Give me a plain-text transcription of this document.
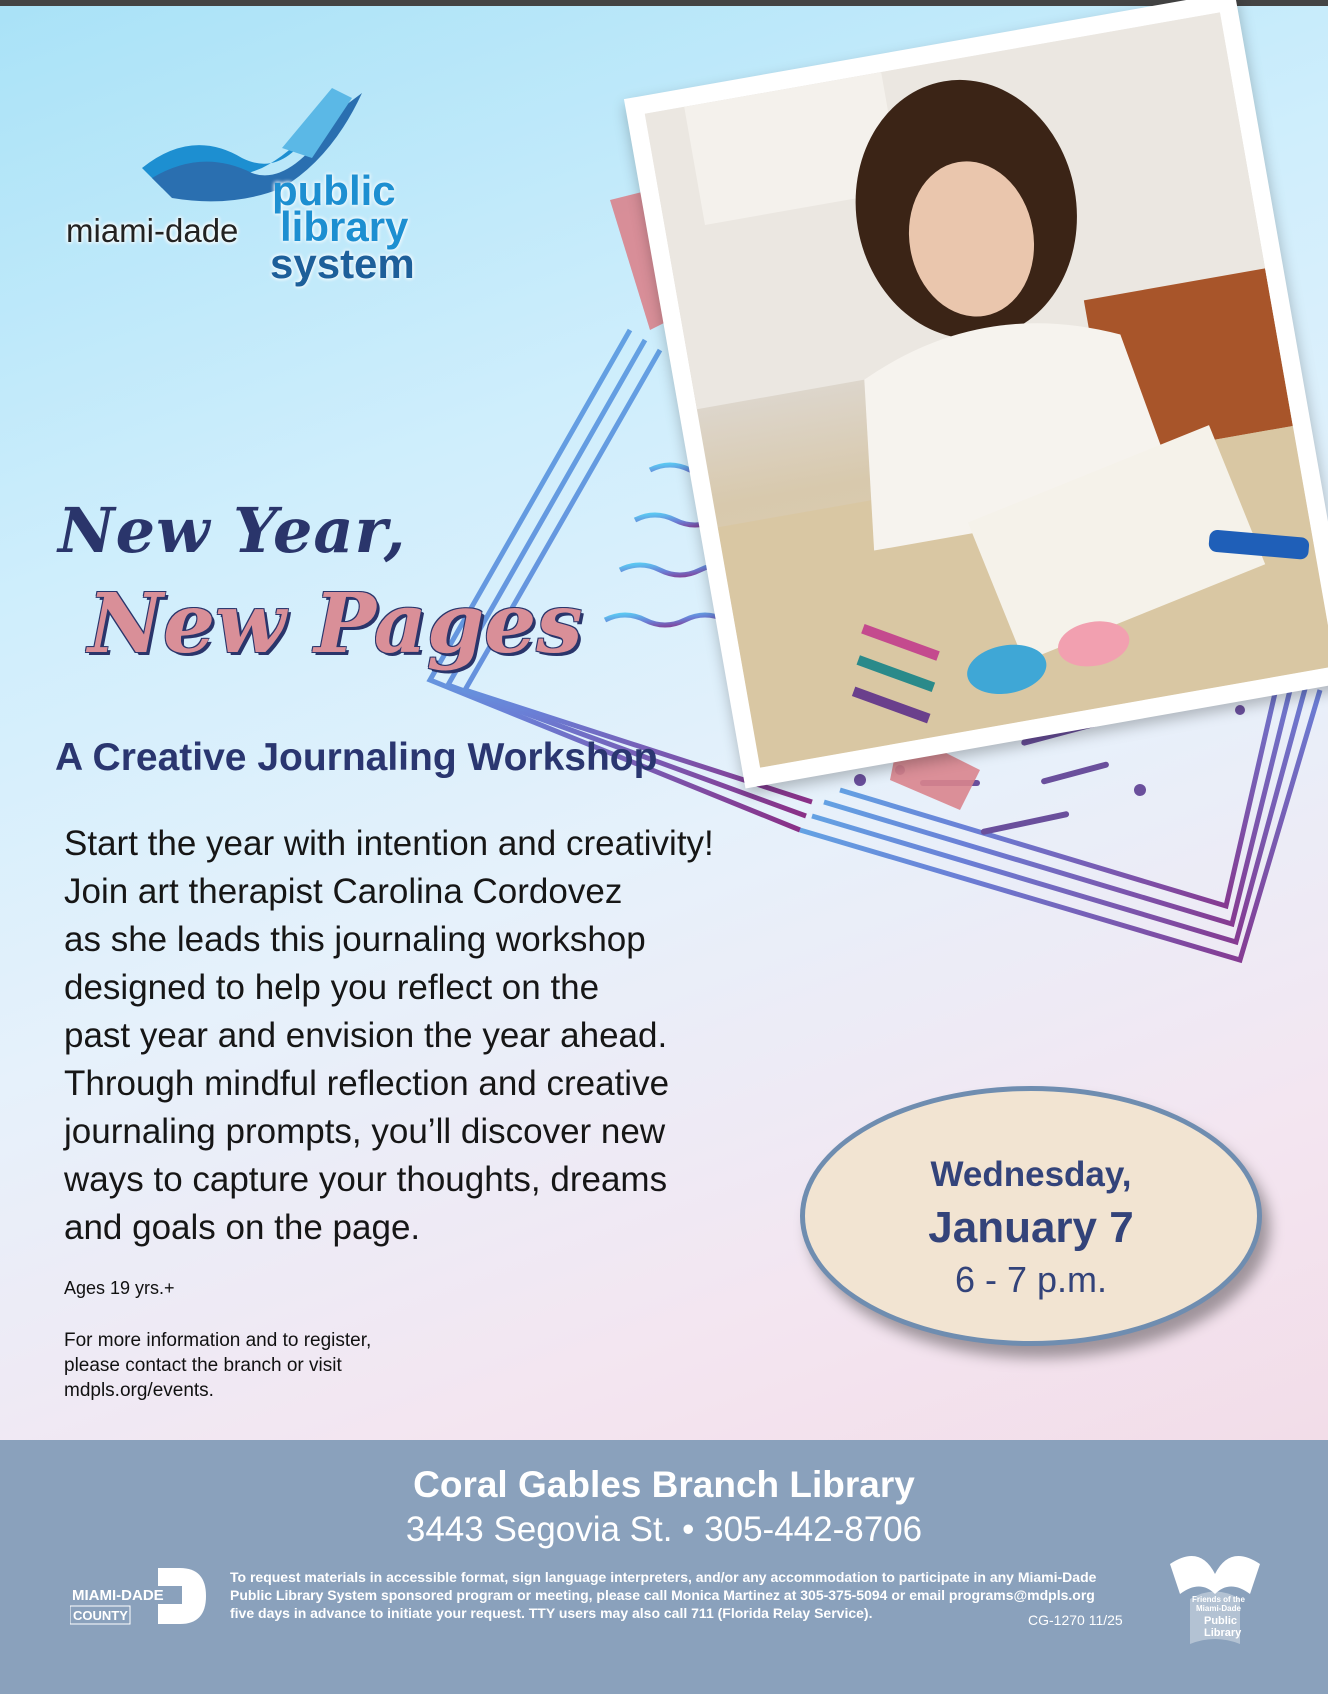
miami-dade
public
library
system
New Year,
New Pages
A Creative Journaling Workshop

Start the year with intention and creativity!
Join art therapist Carolina Cordovez
as she leads this journaling workshop
designed to help you reflect on the
past year and envision the year ahead.
Through mindful reflection and creative
journaling prompts, you’ll discover new
ways to capture your thoughts, dreams
and goals on the page.

Ages 19 yrs.+
For more information and to register,
please contact the branch or visit
mdpls.org/events.
Wednesday,
January 7
6 - 7 p.m.
Coral Gables Branch Library
3443 Segovia St. • 305-442-8706
MIAMI-DADE
COUNTY
To request materials in accessible format, sign language interpreters, and/or any accommodation to participate in any Miami-Dade
Public Library System sponsored program or meeting, please call Monica Martinez at 305-375-5094 or email programs@mdpls.org
five days in advance to initiate your request. TTY users may also call 711 (Florida Relay Service).	CG-1270 11/25
Friends of the
Miami-Dade
Public
Library
